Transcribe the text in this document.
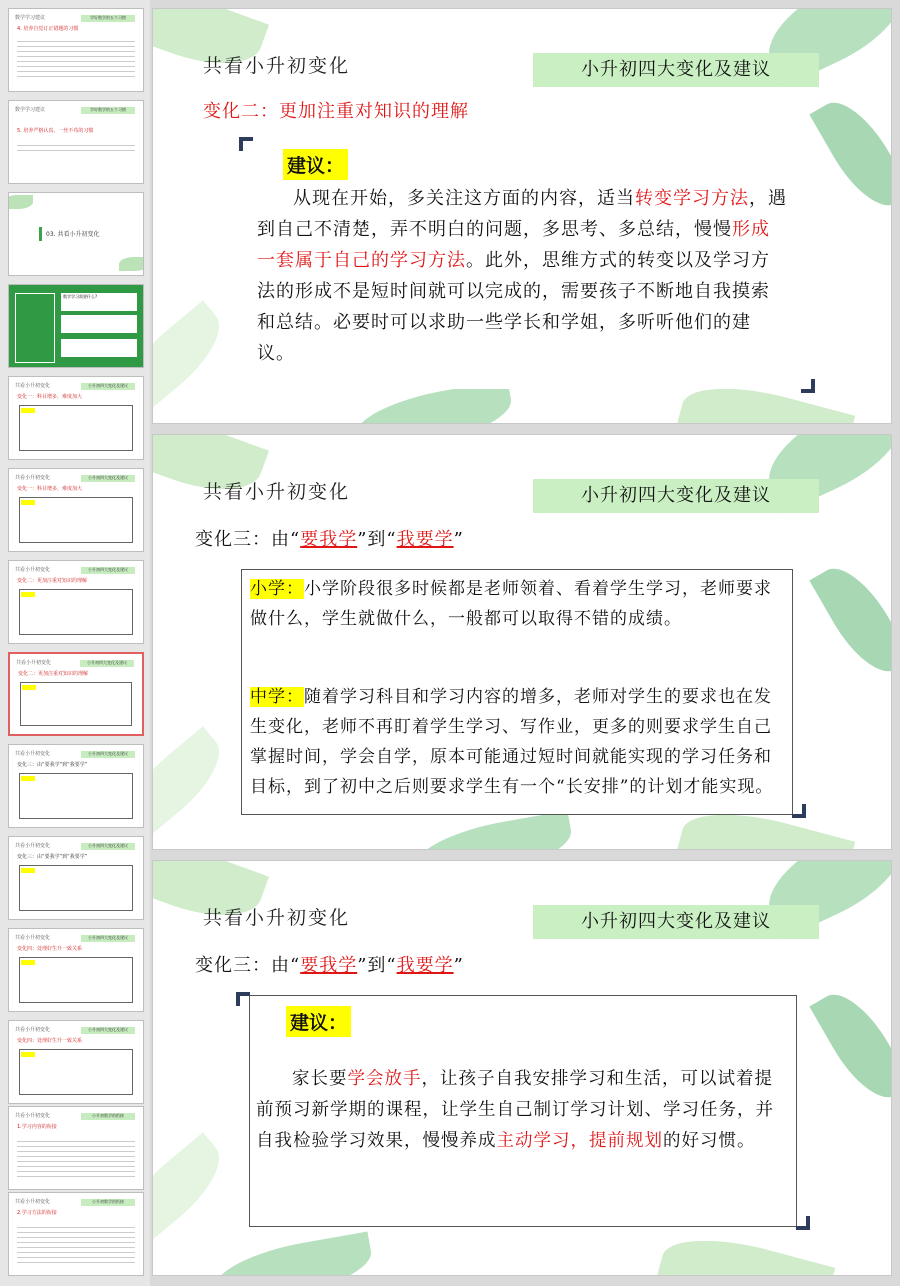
数学学习建议	学好数学的五个习惯
4. 培养自觉订正错题的习惯
数学学习建议	学好数学的五个习惯
5. 培养严格认真、一丝不苟的习惯
03. 共看小升初变化
数学学习需要什么?
共看小升初变化	小升初四大变化及建议
变化一：科目增多，难度加大
共看小升初变化	小升初四大变化及建议
变化一：科目增多，难度加大
共看小升初变化	小升初四大变化及建议
变化二：更加注重对知识的理解
共看小升初变化	小升初四大变化及建议
变化二：更加注重对知识的理解
共看小升初变化	小升初四大变化及建议
变化三：由“要我学”到“我要学”
共看小升初变化	小升初四大变化及建议
变化三：由“要我学”到“我要学”
共看小升初变化	小升初四大变化及建议
变化四：处理好生升一致关系
共看小升初变化	小升初四大变化及建议
变化四：处理好生升一致关系
共看小升初变化	小升初数学的衔接
1.学习内容的衔接
共看小升初变化	小升初数学的衔接
2.学习方法的衔接
共看小升初变化	小升初四大变化及建议
变化二：更加注重对知识的理解
建议：

从现在开始，多关注这方面的内容，适当转变学习方法，遇到自己不清楚，弄不明白的问题，多思考、多总结，慢慢形成一套属于自己的学习方法。此外，思维方式的转变以及学习方法的形成不是短时间就可以完成的，需要孩子不断地自我摸索和总结。必要时可以求助一些学长和学姐，多听听他们的建议。

共看小升初变化	小升初四大变化及建议
变化三：由“要我学”到“我要学”

小学：小学阶段很多时候都是老师领着、看着学生学习，老师要求做什么，学生就做什么，一般都可以取得不错的成绩。

中学：随着学习科目和学习内容的增多，老师对学生的要求也在发生变化，老师不再盯着学生学习、写作业，更多的则要求学生自己掌握时间，学会自学，原本可能通过短时间就能实现的学习任务和目标，到了初中之后则要求学生有一个“长安排”的计划才能实现。

共看小升初变化	小升初四大变化及建议
变化三：由“要我学”到“我要学”
建议：

家长要学会放手，让孩子自我安排学习和生活，可以试着提前预习新学期的课程，让学生自己制订学习计划、学习任务，并自我检验学习效果，慢慢养成主动学习，提前规划的好习惯。
